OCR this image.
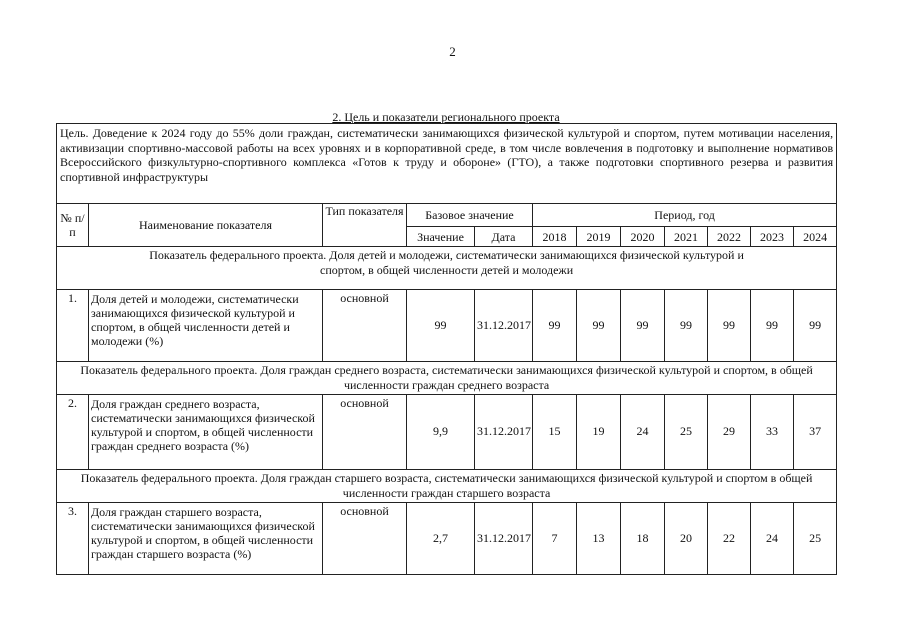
2
2. Цель и показатели регионального проекта
Цель. Доведение к 2024 году до 55% доли граждан, систематически занимающихся физической культурой и спортом, путем мотивации населения, активизации спортивно-массовой работы на всех уровнях и в корпоративной среде, в том числе вовлечения в подготовку и выполнение нормативов Всероссийского физкультурно-спортивного комплекса «Готов к труду и обороне» (ГТО), а также подготовки спортивного резерва и развития спортивной инфраструктуры											
№ п/п	Наименование показателя	Тип показателя	Базовое значение		Период, год						
			Значение	Дата	2018	2019	2020	2021	2022	2023	2024
Показатель федерального проекта. Доля детей и молодежи, систематически занимающихся физической культурой и спортом, в общей численности детей и молодежи											
1.	Доля детей и молодежи, систематически занимающихся физической культурой и спортом, в общей численности детей и молодежи (%)	основной	99	31.12.2017	99	99	99	99	99	99	99
Показатель федерального проекта. Доля граждан среднего возраста, систематически занимающихся физической культурой и спортом, в общей численности граждан среднего возраста											
2.	Доля граждан среднего возраста, систематически занимающихся физической культурой и спортом, в общей численности граждан среднего возраста (%)	основной	9,9	31.12.2017	15	19	24	25	29	33	37
Показатель федерального проекта. Доля граждан старшего возраста, систематически занимающихся физической культурой и спортом в общей численности граждан старшего возраста											
3.	Доля граждан старшего возраста, систематически занимающихся физической культурой и спортом, в общей численности граждан старшего возраста (%)	основной	2,7	31.12.2017	7	13	18	20	22	24	25
